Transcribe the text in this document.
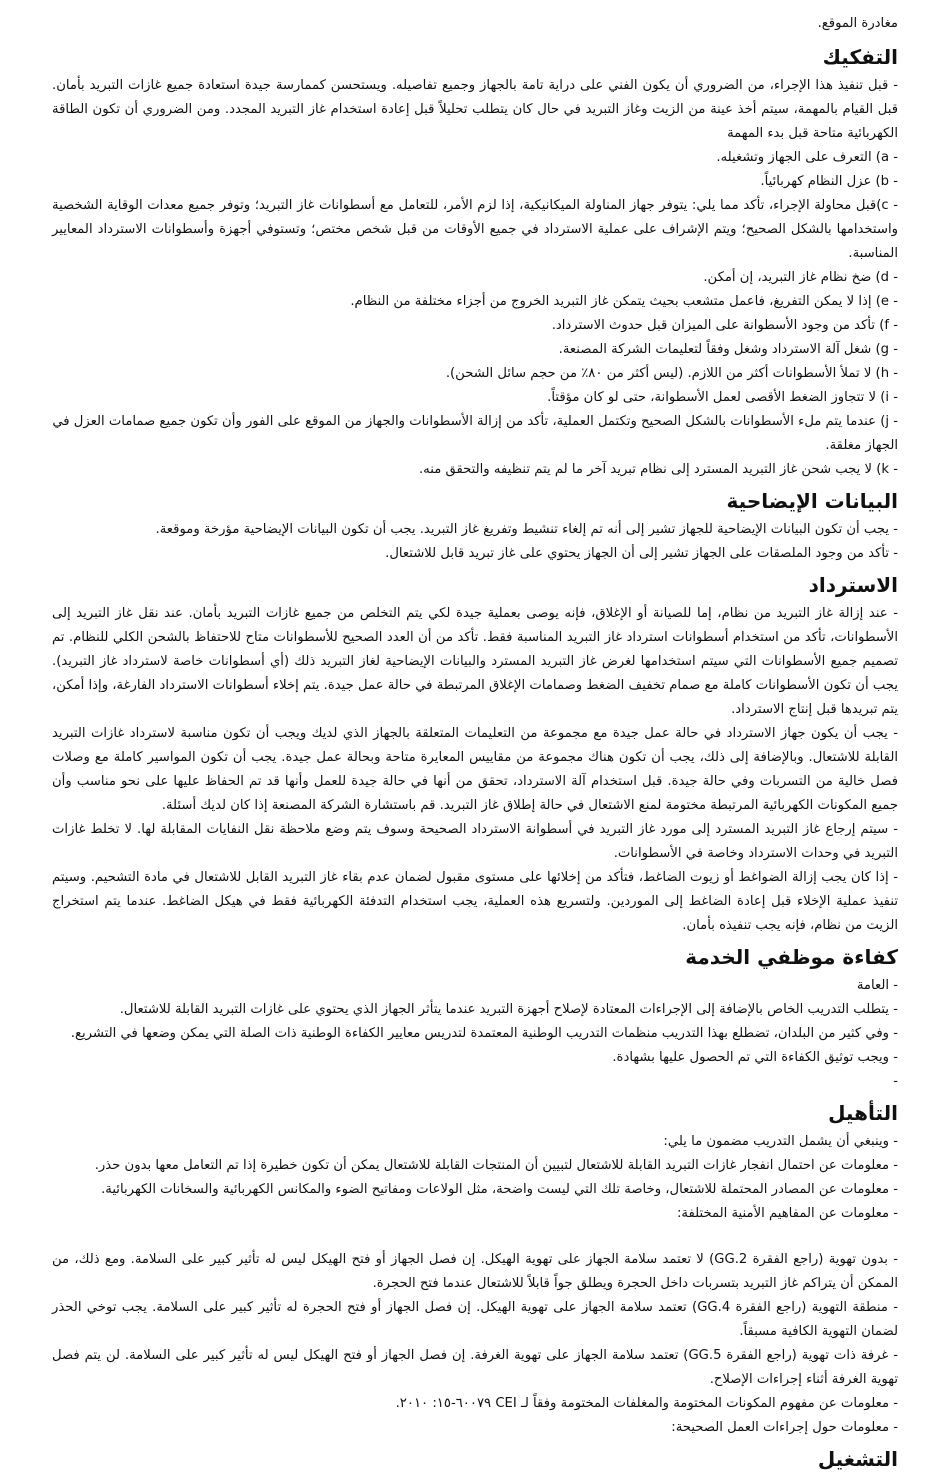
مغادرة الموقع.

التفكيك

- قبل تنفيذ هذا الإجراء، من الضروري أن يكون الفني على دراية تامة بالجهاز وجميع تفاصيله. ويستحسن كممارسة جيدة استعادة جميع غازات التبريد بأمان. قبل القيام بالمهمة، سيتم أخذ عينة من الزيت وغاز التبريد في حال كان يتطلب تحليلاً قبل إعادة استخدام غاز التبريد المجدد. ومن الضروري أن تكون الطاقة الكهربائية متاحة قبل بدء المهمة

- a) التعرف على الجهاز وتشغيله.

- b) عزل النظام كهربائياً.

- c)قبل محاولة الإجراء، تأكد مما يلي: يتوفر جهاز المناولة الميكانيكية، إذا لزم الأمر، للتعامل مع أسطوانات غاز التبريد؛ وتوفر جميع معدات الوقاية الشخصية واستخدامها بالشكل الصحيح؛ ويتم الإشراف على عملية الاسترداد في جميع الأوقات من قبل شخص مختص؛ وتستوفي أجهزة وأسطوانات الاسترداد المعايير المناسبة.

- d) ضخ نظام غاز التبريد، إن أمكن.

- e) إذا لا يمكن التفريغ، فاعمل متشعب بحيث يتمكن غاز التبريد الخروج من أجزاء مختلفة من النظام.

- f) تأكد من وجود الأسطوانة على الميزان قبل حدوث الاسترداد.

- g) شغل آلة الاسترداد وشغل وفقاً لتعليمات الشركة المصنعة.

- h) لا تملأ الأسطوانات أكثر من اللازم. (ليس أكثر من ٨٠٪ من حجم سائل الشحن).

- i) لا تتجاوز الضغط الأقصى لعمل الأسطوانة، حتى لو كان مؤقتاً.

- j) عندما يتم ملء الأسطوانات بالشكل الصحيح وتكتمل العملية، تأكد من إزالة الأسطوانات والجهاز من الموقع على الفور وأن تكون جميع صمامات العزل في الجهاز مغلقة.

- k) لا يجب شحن غاز التبريد المسترد إلى نظام تبريد آخر ما لم يتم تنظيفه والتحقق منه.

البيانات الإيضاحية

- يجب أن تكون البيانات الإيضاحية للجهاز تشير إلى أنه تم إلغاء تنشيط وتفريغ غاز التبريد. يجب أن تكون البيانات الإيضاحية مؤرخة وموقعة.

- تأكد من وجود الملصقات على الجهاز تشير إلى أن الجهاز يحتوي على غاز تبريد قابل للاشتعال.

الاسترداد

- عند إزالة غاز التبريد من نظام، إما للصيانة أو الإغلاق، فإنه يوصى بعملية جيدة لكي يتم التخلص من جميع غازات التبريد بأمان. عند نقل غاز التبريد إلى الأسطوانات، تأكد من استخدام أسطوانات استرداد غاز التبريد المناسبة فقط. تأكد من أن العدد الصحيح للأسطوانات متاح للاحتفاظ بالشحن الكلي للنظام. تم تصميم جميع الأسطوانات التي سيتم استخدامها لغرض غاز التبريد المسترد والبيانات الإيضاحية لغاز التبريد ذلك (أي أسطوانات خاصة لاسترداد غاز التبريد). يجب أن تكون الأسطوانات كاملة مع صمام تخفيف الضغط وصمامات الإغلاق المرتبطة في حالة عمل جيدة. يتم إخلاء أسطوانات الاسترداد الفارغة، وإذا أمكن، يتم تبريدها قبل إنتاج الاسترداد.

- يجب أن يكون جهاز الاسترداد في حالة عمل جيدة مع مجموعة من التعليمات المتعلقة بالجهاز الذي لديك ويجب أن تكون مناسبة لاسترداد غازات التبريد القابلة للاشتعال. وبالإضافة إلى ذلك، يجب أن تكون هناك مجموعة من مقاييس المعايرة متاحة وبحالة عمل جيدة. يجب أن تكون المواسير كاملة مع وصلات فصل خالية من التسربات وفي حالة جيدة. قبل استخدام آلة الاسترداد، تحقق من أنها في حالة جيدة للعمل وأنها قد تم الحفاظ عليها على نحو مناسب وأن جميع المكونات الكهربائية المرتبطة مختومة لمنع الاشتعال في حالة إطلاق غاز التبريد. قم باستشارة الشركة المصنعة إذا كان لديك أسئلة.

- سيتم إرجاع غاز التبريد المسترد إلى مورد غاز التبريد في أسطوانة الاسترداد الصحيحة وسوف يتم وضع ملاحظة نقل النفايات المقابلة لها. لا تخلط غازات التبريد في وحدات الاسترداد وخاصة في الأسطوانات.

- إذا كان يجب إزالة الضواغط أو زيوت الضاغط، فتأكد من إخلائها على مستوى مقبول لضمان عدم بقاء غاز التبريد القابل للاشتعال في مادة التشحيم. وسيتم تنفيذ عملية الإخلاء قبل إعادة الضاغط إلى الموردين. ولتسريع هذه العملية، يجب استخدام التدفئة الكهربائية فقط في هيكل الضاغط. عندما يتم استخراج الزيت من نظام، فإنه يجب تنفيذه بأمان.

كفاءة موظفي الخدمة

- العامة

- يتطلب التدريب الخاص بالإضافة إلى الإجراءات المعتادة لإصلاح أجهزة التبريد عندما يتأثر الجهاز الذي يحتوي على غازات التبريد القابلة للاشتعال.

- وفي كثير من البلدان، تضطلع بهذا التدريب منظمات التدريب الوطنية المعتمدة لتدريس معايير الكفاءة الوطنية ذات الصلة التي يمكن وضعها في التشريع.

- ويجب توثيق الكفاءة التي تم الحصول عليها بشهادة.

-

التأهيل

- وينبغي أن يشمل التدريب مضمون ما يلي:

- معلومات عن احتمال انفجار غازات التبريد القابلة للاشتعال لتبيين أن المنتجات القابلة للاشتعال يمكن أن تكون خطيرة إذا تم التعامل معها بدون حذر.

- معلومات عن المصادر المحتملة للاشتعال، وخاصة تلك التي ليست واضحة، مثل الولاعات ومفاتيح الضوء والمكانس الكهربائية والسخانات الكهربائية.

- معلومات عن المفاهيم الأمنية المختلفة:

- بدون تهوية (راجع الفقرة GG.2) لا تعتمد سلامة الجهاز على تهوية الهيكل. إن فصل الجهاز أو فتح الهيكل ليس له تأثير كبير على السلامة. ومع ذلك، من الممكن أن يتراكم غاز التبريد بتسربات داخل الحجرة ويطلق جواً قابلاً للاشتعال عندما فتح الحجرة.

- منطقة التهوية (راجع الفقرة GG.4) تعتمد سلامة الجهاز على تهوية الهيكل. إن فصل الجهاز أو فتح الحجرة له تأثير كبير على السلامة. يجب توخي الحذر لضمان التهوية الكافية مسبقاً.

- غرفة ذات تهوية (راجع الفقرة GG.5) تعتمد سلامة الجهاز على تهوية الغرفة. إن فصل الجهاز أو فتح الهيكل ليس له تأثير كبير على السلامة. لن يتم فصل تهوية الغرفة أثناء إجراءات الإصلاح.

- معلومات عن مفهوم المكونات المختومة والمغلفات المختومة وفقاً لـ CEI ٦٠٠٧٩-١٥: ٢٠١٠.

- معلومات حول إجراءات العمل الصحيحة:

التشغيل
